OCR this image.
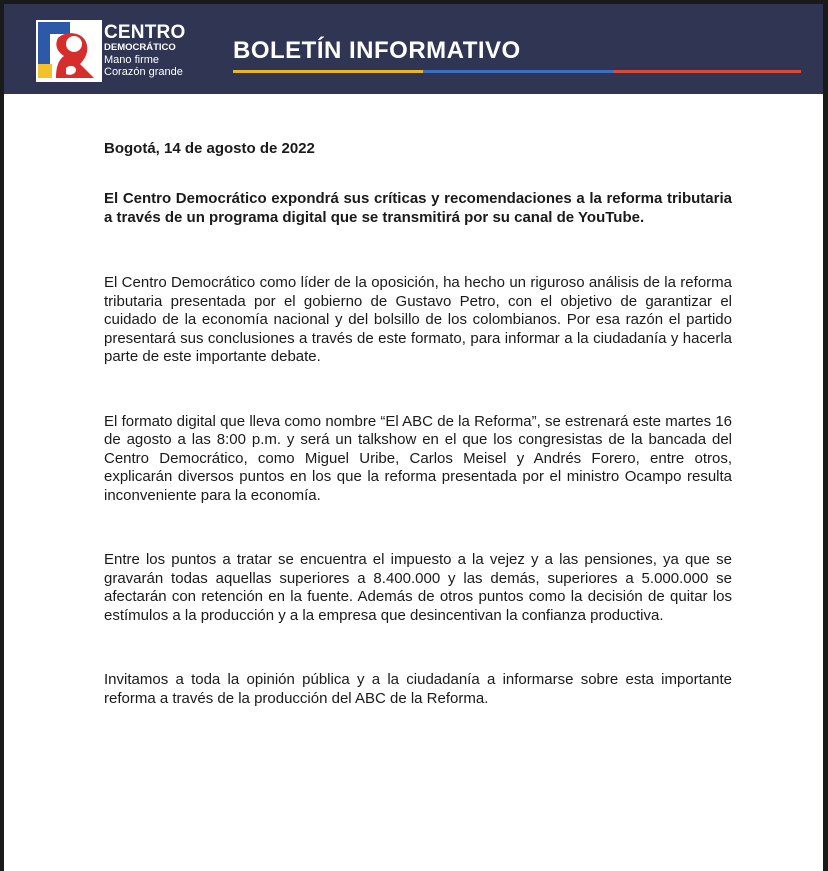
CENTRO
DEMOCRÁTICO
Mano firme
Corazón grande
BOLETÍN INFORMATIVO

Bogotá, 14 de agosto de 2022

El Centro Democrático expondrá sus críticas y recomendaciones a la reforma tributaria a través de un programa digital que se transmitirá por su canal de YouTube.

El Centro Democrático como líder de la oposición, ha hecho un riguroso análisis de la reforma tributaria presentada por el gobierno de Gustavo Petro, con el objetivo de garantizar el cuidado de la economía nacional y del bolsillo de los colombianos. Por esa razón el partido presentará sus conclusiones a través de este formato, para informar a la ciudadanía y hacerla parte de este importante debate.

El formato digital que lleva como nombre “El ABC de la Reforma”, se estrenará este martes 16 de agosto a las 8:00 p.m. y será un talkshow en el que los congresistas de la bancada del Centro Democrático, como Miguel Uribe, Carlos Meisel y Andrés Forero, entre otros, explicarán diversos puntos en los que la reforma presentada por el ministro Ocampo resulta inconveniente para la economía.

Entre los puntos a tratar se encuentra el impuesto a la vejez y a las pensiones, ya que se gravarán todas aquellas superiores a 8.400.000 y las demás, superiores a 5.000.000 se afectarán con retención en la fuente. Además de otros puntos como la decisión de quitar los estímulos a la producción y a la empresa que desincentivan la confianza productiva.

Invitamos a toda la opinión pública y a la ciudadanía a informarse sobre esta importante reforma a través de la producción del ABC de la Reforma.
